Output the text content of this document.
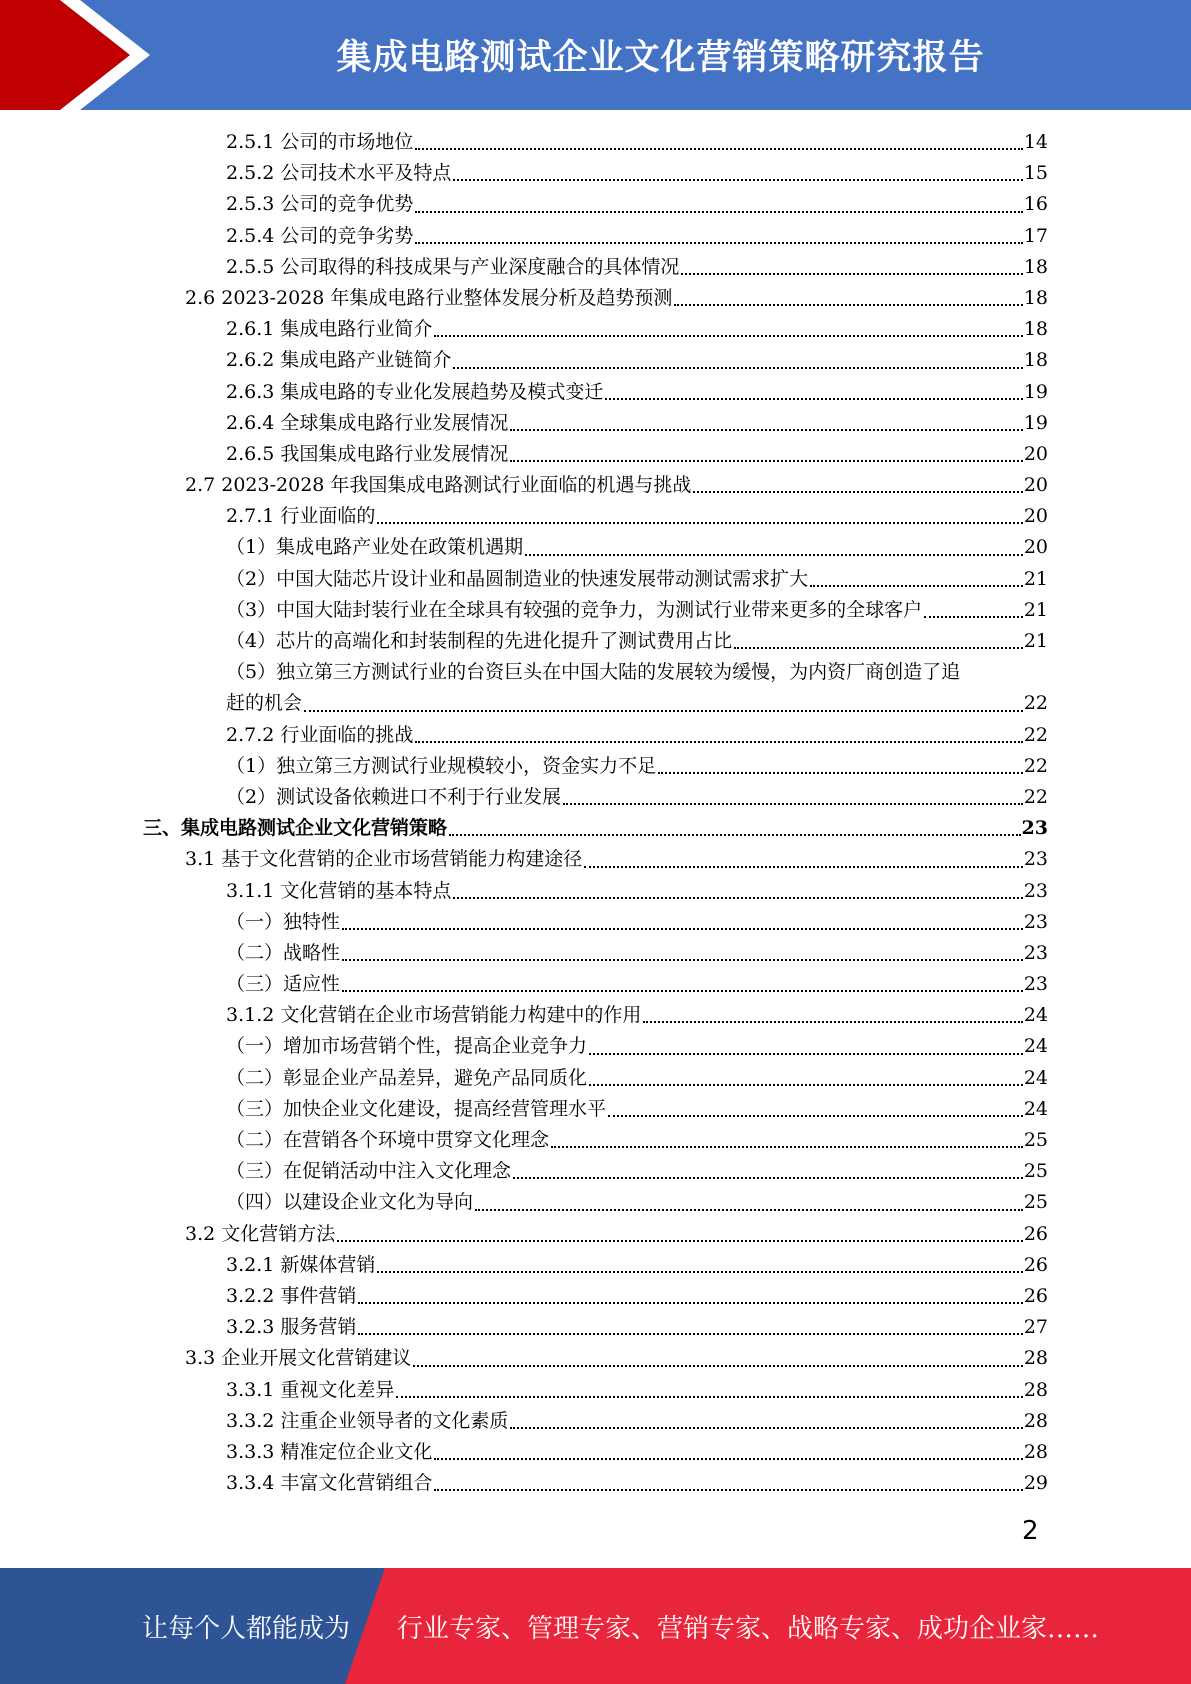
集成电路测试企业文化营销策略研究报告
2.5.1 公司的市场地位	14
2.5.2 公司技术水平及特点	15
2.5.3 公司的竞争优势	16
2.5.4 公司的竞争劣势	17
2.5.5 公司取得的科技成果与产业深度融合的具体情况	18
2.6 2023-2028 年集成电路行业整体发展分析及趋势预测	18
2.6.1 集成电路行业简介	18
2.6.2 集成电路产业链简介	18
2.6.3 集成电路的专业化发展趋势及模式变迁	19
2.6.4 全球集成电路行业发展情况	19
2.6.5 我国集成电路行业发展情况	20
2.7 2023-2028 年我国集成电路测试行业面临的机遇与挑战	20
2.7.1 行业面临的	20
（1）集成电路产业处在政策机遇期	20
（2）中国大陆芯片设计业和晶圆制造业的快速发展带动测试需求扩大	21
（3）中国大陆封装行业在全球具有较强的竞争力，为测试行业带来更多的全球客户	21
（4）芯片的高端化和封装制程的先进化提升了测试费用占比	21
（5）独立第三方测试行业的台资巨头在中国大陆的发展较为缓慢，为内资厂商创造了追
赶的机会	22
2.7.2 行业面临的挑战	22
（1）独立第三方测试行业规模较小，资金实力不足	22
（2）测试设备依赖进口不利于行业发展	22
三、集成电路测试企业文化营销策略	23
3.1 基于文化营销的企业市场营销能力构建途径	23
3.1.1 文化营销的基本特点	23
（一）独特性	23
（二）战略性	23
（三）适应性	23
3.1.2 文化营销在企业市场营销能力构建中的作用	24
（一）增加市场营销个性，提高企业竞争力	24
（二）彰显企业产品差异，避免产品同质化	24
（三）加快企业文化建设，提高经营管理水平	24
（二）在营销各个环境中贯穿文化理念	25
（三）在促销活动中注入文化理念	25
（四）以建设企业文化为导向	25
3.2 文化营销方法	26
3.2.1 新媒体营销	26
3.2.2 事件营销	26
3.2.3 服务营销	27
3.3 企业开展文化营销建议	28
3.3.1 重视文化差异	28
3.3.2 注重企业领导者的文化素质	28
3.3.3 精准定位企业文化	28
3.3.4 丰富文化营销组合	29
2
让每个人都能成为 行业专家、管理专家、营销专家、战略专家、成功企业家……
